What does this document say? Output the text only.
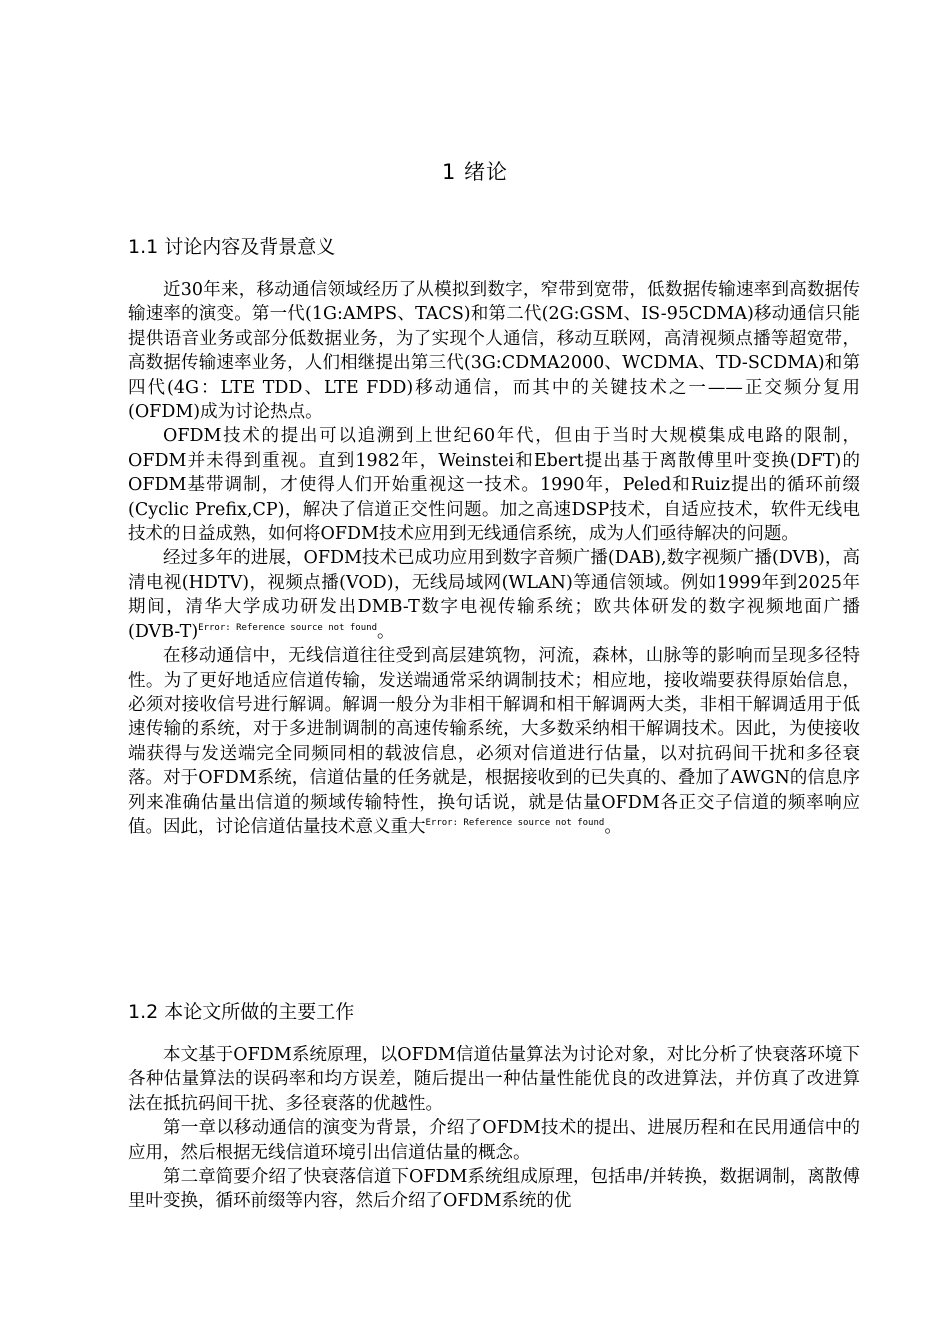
1 绪论
1.1 讨论内容及背景意义

近30年来，移动通信领域经历了从模拟到数字，窄带到宽带，低数据传输速率到高数据传输速率的演变。第一代(1G:AMPS、TACS)和第二代(2G:GSM、IS-95CDMA)移动通信只能提供语音业务或部分低数据业务，为了实现个人通信，移动互联网，高清视频点播等超宽带，高数据传输速率业务，人们相继提出第三代(3G:CDMA2000、WCDMA、TD-SCDMA)和第四代(4G：LTE TDD、LTE FDD)移动通信，而其中的关键技术之一——正交频分复用(OFDM)成为讨论热点。

OFDM技术的提出可以追溯到上世纪60年代，但由于当时大规模集成电路的限制，OFDM并未得到重视。直到1982年，Weinstei和Ebert提出基于离散傅里叶变换(DFT)的OFDM基带调制，才使得人们开始重视这一技术。1990年，Peled和Ruiz提出的循环前缀(Cyclic Prefix,CP)，解决了信道正交性问题。加之高速DSP技术，自适应技术，软件无线电技术的日益成熟，如何将OFDM技术应用到无线通信系统，成为人们亟待解决的问题。

经过多年的进展，OFDM技术已成功应用到数字音频广播(DAB),数字视频广播(DVB)，高清电视(HDTV)，视频点播(VOD)，无线局域网(WLAN)等通信领域。例如1999年到2025年期间，清华大学成功研发出DMB-T数字电视传输系统；欧共体研发的数字视频地面广播 (DVB-T)$^{Error: Reference source not found}$。

在移动通信中，无线信道往往受到高层建筑物，河流，森林，山脉等的影响而呈现多径特性。为了更好地适应信道传输，发送端通常采纳调制技术；相应地，接收端要获得原始信息，必须对接收信号进行解调。解调一般分为非相干解调和相干解调两大类，非相干解调适用于低速传输的系统，对于多进制调制的高速传输系统，大多数采纳相干解调技术。因此，为使接收端获得与发送端完全同频同相的载波信息，必须对信道进行估量，以对抗码间干扰和多径衰落。对于OFDM系统，信道估量的任务就是，根据接收到的已失真的、叠加了AWGN的信息序列来准确估量出信道的频域传输特性，换句话说，就是估量OFDM各正交子信道的频率响应值。因此，讨论信道估量技术意义重大$^{Error: Reference source not found}$。

1.2 本论文所做的主要工作

本文基于OFDM系统原理，以OFDM信道估量算法为讨论对象，对比分析了快衰落环境下各种估量算法的误码率和均方误差，随后提出一种估量性能优良的改进算法，并仿真了改进算法在抵抗码间干扰、多径衰落的优越性。

第一章以移动通信的演变为背景，介绍了OFDM技术的提出、进展历程和在民用通信中的应用，然后根据无线信道环境引出信道估量的概念。

第二章简要介绍了快衰落信道下OFDM系统组成原理，包括串/并转换，数据调制，离散傅里叶变换，循环前缀等内容，然后介绍了OFDM系统的优
